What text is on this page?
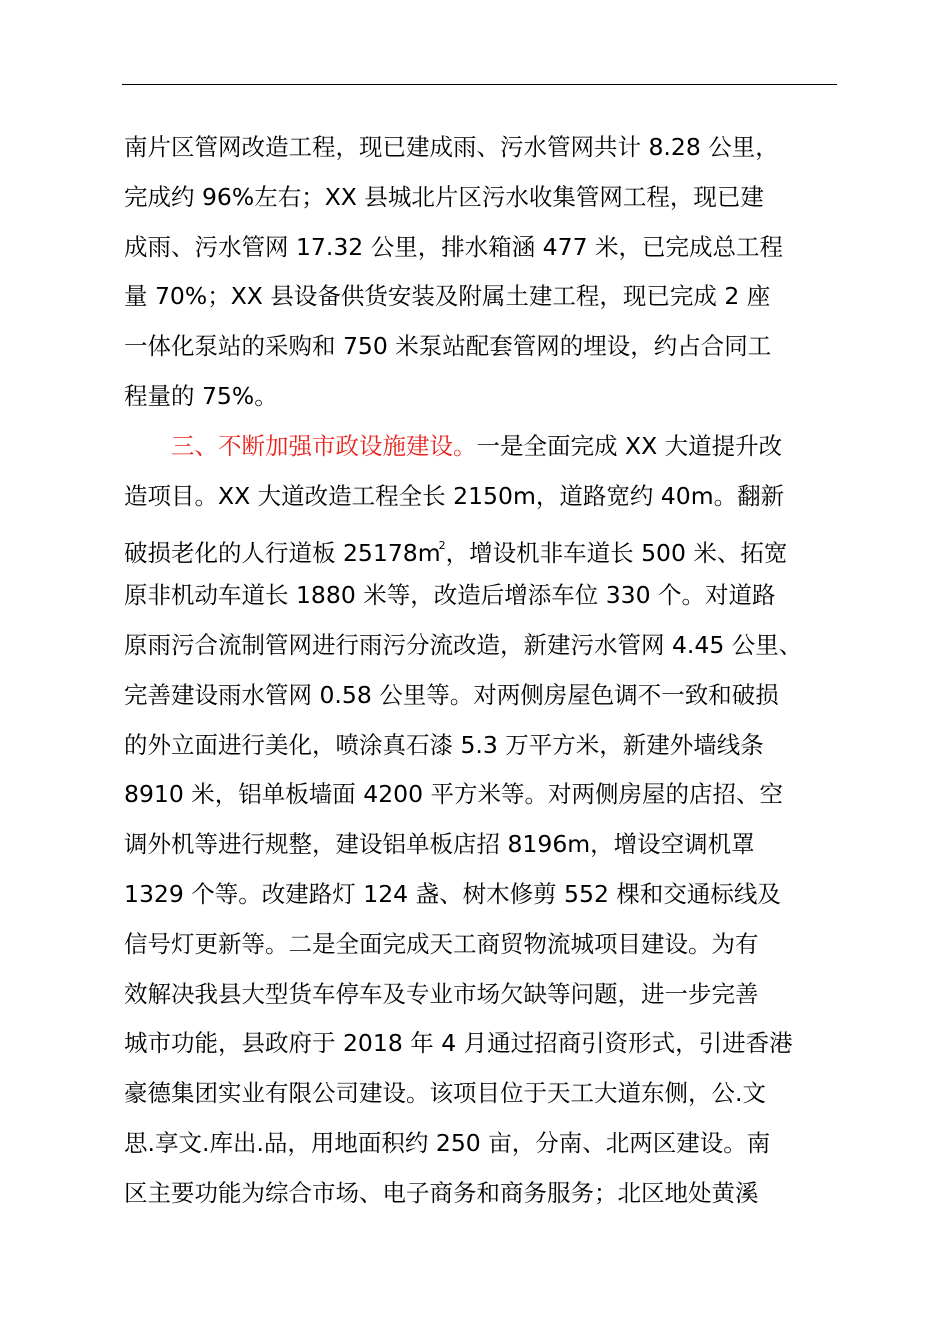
南片区管网改造工程，现已建成雨、污水管网共计 8.28 公里，
完成约 96%左右；XX 县城北片区污水收集管网工程，现已建
成雨、污水管网 17.32 公里，排水箱涵 477 米，已完成总工程
量 70%；XX 县设备供货安装及附属土建工程，现已完成 2 座
一体化泵站的采购和 750 米泵站配套管网的埋设，约占合同工
程量的 75%。
三、不断加强市政设施建设。一是全面完成 XX 大道提升改
造项目。XX 大道改造工程全长 2150m，道路宽约 40m。翻新
破损老化的人行道板 $25178m^2$，增设机非车道长 500 米、拓宽
原非机动车道长 1880 米等，改造后增添车位 330 个。对道路
原雨污合流制管网进行雨污分流改造，新建污水管网 4.45 公里、
完善建设雨水管网 0.58 公里等。对两侧房屋色调不一致和破损
的外立面进行美化，喷涂真石漆 5.3 万平方米，新建外墙线条
8910 米，铝单板墙面 4200 平方米等。对两侧房屋的店招、空
调外机等进行规整，建设铝单板店招 8196m，增设空调机罩
1329 个等。改建路灯 124 盏、树木修剪 552 棵和交通标线及
信号灯更新等。二是全面完成天工商贸物流城项目建设。为有
效解决我县大型货车停车及专业市场欠缺等问题，进一步完善
城市功能，县政府于 2018 年 4 月通过招商引资形式，引进香港
豪德集团实业有限公司建设。该项目位于天工大道东侧，公.文
思.享文.库出.品，用地面积约 250 亩，分南、北两区建设。南
区主要功能为综合市场、电子商务和商务服务；北区地处黄溪
